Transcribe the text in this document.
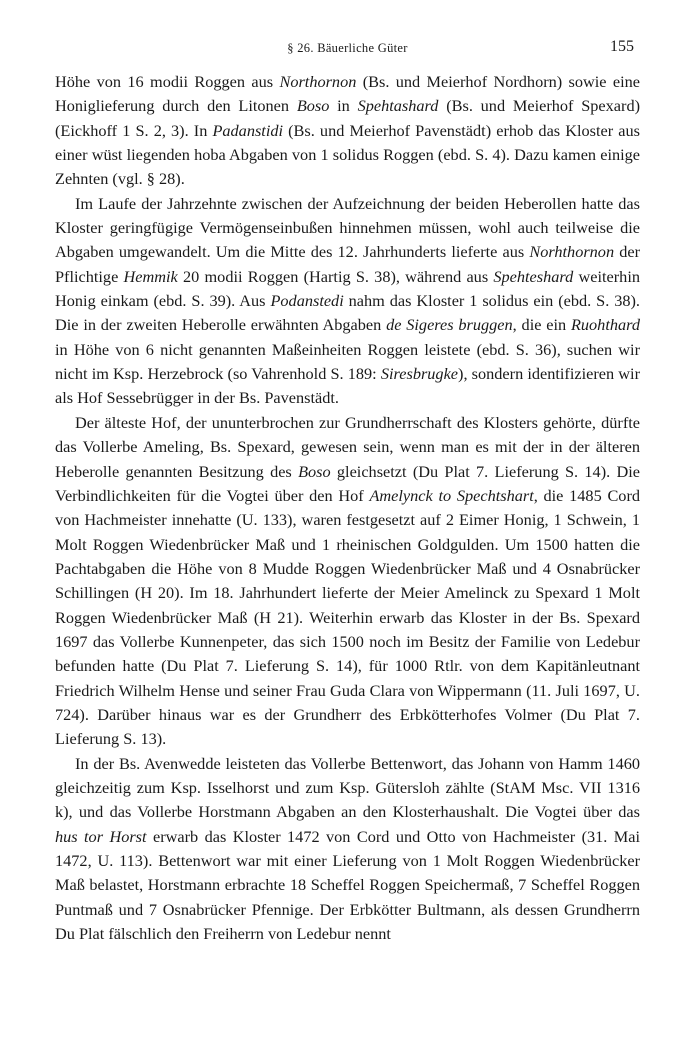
§ 26. Bäuerliche Güter	155

Höhe von 16 modii Roggen aus Northornon (Bs. und Meierhof Nordhorn) sowie eine Honiglieferung durch den Litonen Boso in Spehtashard (Bs. und Meierhof Spexard) (Eickhoff 1 S. 2, 3). In Padanstidi (Bs. und Meierhof Pavenstädt) erhob das Kloster aus einer wüst liegenden hoba Abgaben von 1 solidus Roggen (ebd. S. 4). Dazu kamen einige Zehnten (vgl. § 28).

Im Laufe der Jahrzehnte zwischen der Aufzeichnung der beiden Heberollen hatte das Kloster geringfügige Vermögenseinbußen hinnehmen müssen, wohl auch teilweise die Abgaben umgewandelt. Um die Mitte des 12. Jahrhunderts lieferte aus Norhthornon der Pflichtige Hemmik 20 modii Roggen (Hartig S. 38), während aus Spehteshard weiterhin Honig einkam (ebd. S. 39). Aus Podanstedi nahm das Kloster 1 solidus ein (ebd. S. 38). Die in der zweiten Heberolle erwähnten Abgaben de Sigeres bruggen, die ein Ruohthard in Höhe von 6 nicht genannten Maßeinheiten Roggen leistete (ebd. S. 36), suchen wir nicht im Ksp. Herzebrock (so Vahrenhold S. 189: Siresbrugke), sondern identifizieren wir als Hof Sessebrügger in der Bs. Pavenstädt.

Der älteste Hof, der ununterbrochen zur Grundherrschaft des Klosters gehörte, dürfte das Vollerbe Ameling, Bs. Spexard, gewesen sein, wenn man es mit der in der älteren Heberolle genannten Besitzung des Boso gleichsetzt (Du Plat 7. Lieferung S. 14). Die Verbindlichkeiten für die Vogtei über den Hof Amelynck to Spechtshart, die 1485 Cord von Hachmeister innehatte (U. 133), waren festgesetzt auf 2 Eimer Honig, 1 Schwein, 1 Molt Roggen Wiedenbrücker Maß und 1 rheinischen Goldgulden. Um 1500 hatten die Pachtabgaben die Höhe von 8 Mudde Roggen Wiedenbrücker Maß und 4 Osnabrücker Schillingen (H 20). Im 18. Jahrhundert lieferte der Meier Amelinck zu Spexard 1 Molt Roggen Wiedenbrücker Maß (H 21). Weiterhin erwarb das Kloster in der Bs. Spexard 1697 das Vollerbe Kunnenpeter, das sich 1500 noch im Besitz der Familie von Ledebur befunden hatte (Du Plat 7. Lieferung S. 14), für 1000 Rtlr. von dem Kapitänleutnant Friedrich Wilhelm Hense und seiner Frau Guda Clara von Wippermann (11. Juli 1697, U. 724). Darüber hinaus war es der Grundherr des Erbkötterhofes Volmer (Du Plat 7. Lieferung S. 13).

In der Bs. Avenwedde leisteten das Vollerbe Bettenwort, das Johann von Hamm 1460 gleichzeitig zum Ksp. Isselhorst und zum Ksp. Gütersloh zählte (StAM Msc. VII 1316 k), und das Vollerbe Horstmann Abgaben an den Klosterhaushalt. Die Vogtei über das hus tor Horst erwarb das Kloster 1472 von Cord und Otto von Hachmeister (31. Mai 1472, U. 113). Bettenwort war mit einer Lieferung von 1 Molt Roggen Wiedenbrücker Maß belastet, Horstmann erbrachte 18 Scheffel Roggen Speichermaß, 7 Scheffel Roggen Puntmaß und 7 Osnabrücker Pfennige. Der Erbkötter Bultmann, als dessen Grundherrn Du Plat fälschlich den Freiherrn von Ledebur nennt
